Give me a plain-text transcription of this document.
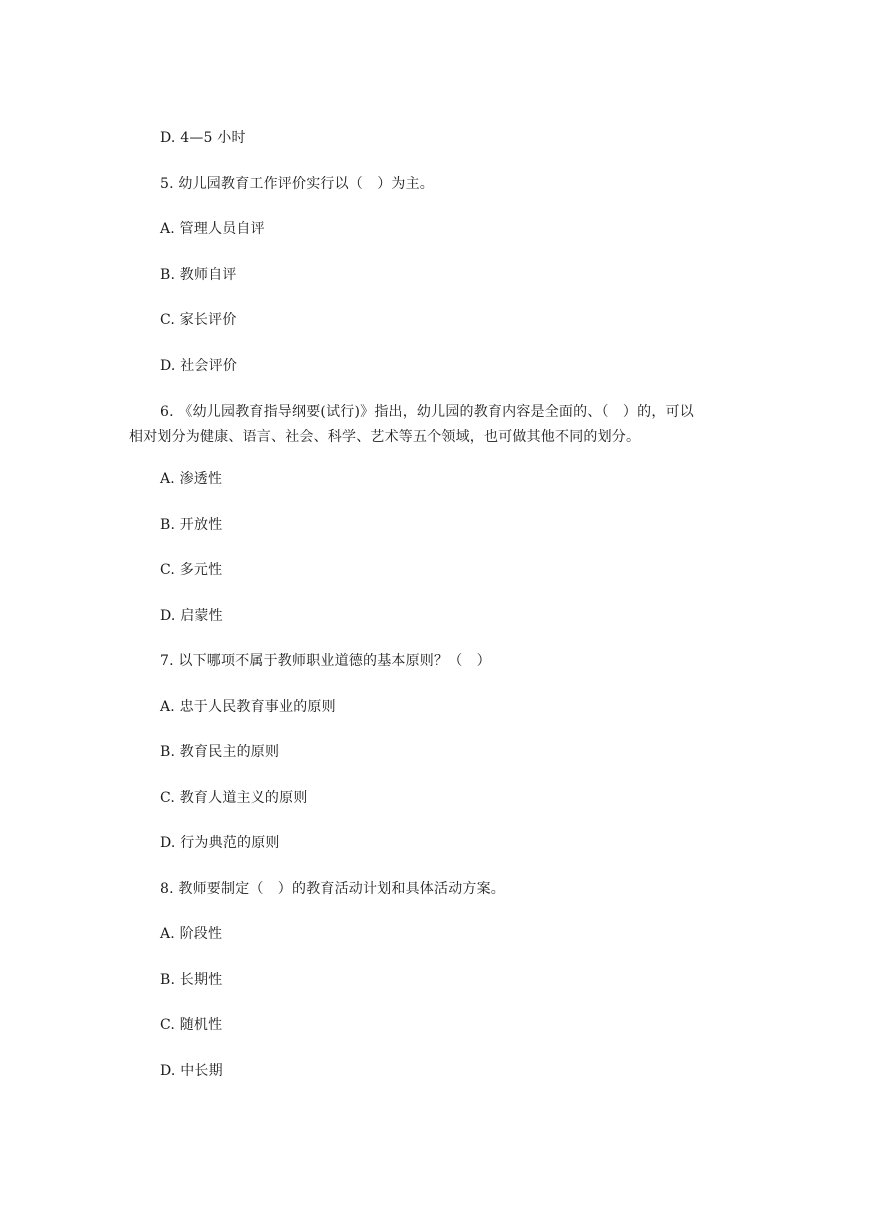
D. 4—5 小时
5. 幼儿园教育工作评价实行以（　）为主。
A. 管理人员自评
B. 教师自评
C. 家长评价
D. 社会评价
6. 《幼儿园教育指导纲要(试行)》指出，幼儿园的教育内容是全面的、（　）的，可以
相对划分为健康、语言、社会、科学、艺术等五个领域，也可做其他不同的划分。
A. 渗透性
B. 开放性
C. 多元性
D. 启蒙性
7. 以下哪项不属于教师职业道德的基本原则？（　）
A. 忠于人民教育事业的原则
B. 教育民主的原则
C. 教育人道主义的原则
D. 行为典范的原则
8. 教师要制定（　）的教育活动计划和具体活动方案。
A. 阶段性
B. 长期性
C. 随机性
D. 中长期
